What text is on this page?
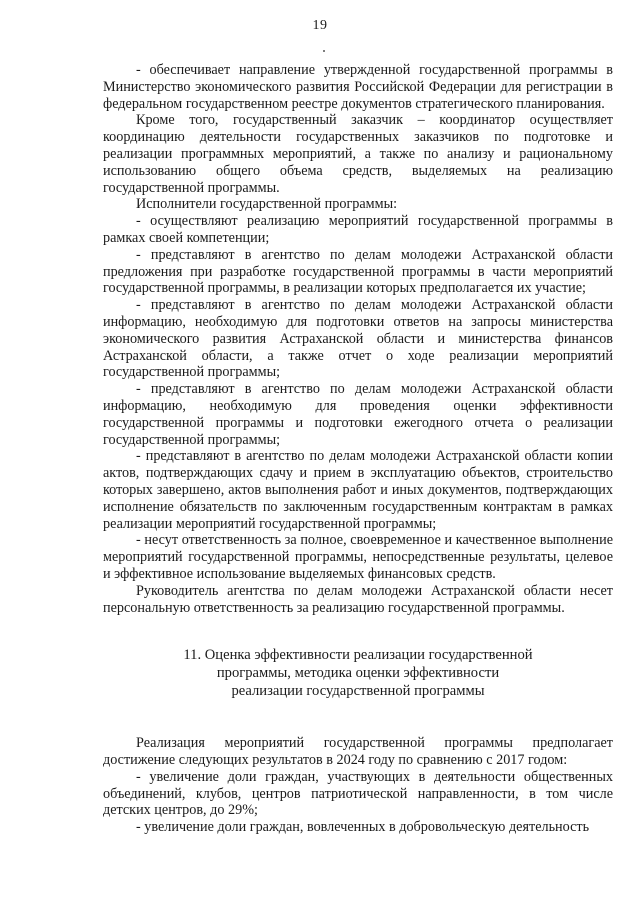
19

- обеспечивает направление утвержденной государственной программы в Министерство экономического развития Российской Федерации для регистрации в федеральном государственном реестре документов стратегического планирования.

Кроме того, государственный заказчик – координатор осуществляет координацию деятельности государственных заказчиков по подготовке и реализации программных мероприятий, а также по анализу и рациональному использованию общего объема средств, выделяемых на реализацию государственной программы.

Исполнители государственной программы:

- осуществляют реализацию мероприятий государственной программы в рамках своей компетенции;

- представляют в агентство по делам молодежи Астраханской области предложения при разработке государственной программы в части мероприятий государственной программы, в реализации которых предполагается их участие;

- представляют в агентство по делам молодежи Астраханской области информацию, необходимую для подготовки ответов на запросы министерства экономического развития Астраханской области и министерства финансов Астраханской области, а также отчет о ходе реализации мероприятий государственной программы;

- представляют в агентство по делам молодежи Астраханской области информацию, необходимую для проведения оценки эффективности государственной программы и подготовки ежегодного отчета о реализации государственной программы;

- представляют в агентство по делам молодежи Астраханской области копии актов, подтверждающих сдачу и прием в эксплуатацию объектов, строительство которых завершено, актов выполнения работ и иных документов, подтверждающих исполнение обязательств по заключенным государственным контрактам в рамках реализации мероприятий государственной программы;

- несут ответственность за полное, своевременное и качественное выполнение мероприятий государственной программы, непосредственные результаты, целевое и эффективное использование выделяемых финансовых средств.

Руководитель агентства по делам молодежи Астраханской области несет персональную ответственность за реализацию государственной программы.

11. Оценка эффективности реализации государственной
программы, методика оценки эффективности
реализации государственной программы

Реализация мероприятий государственной программы предполагает достижение следующих результатов в 2024 году по сравнению с 2017 годом:

- увеличение доли граждан, участвующих в деятельности общественных объединений, клубов, центров патриотической направленности, в том числе детских центров, до 29%;

- увеличение доли граждан, вовлеченных в добровольческую деятельность
